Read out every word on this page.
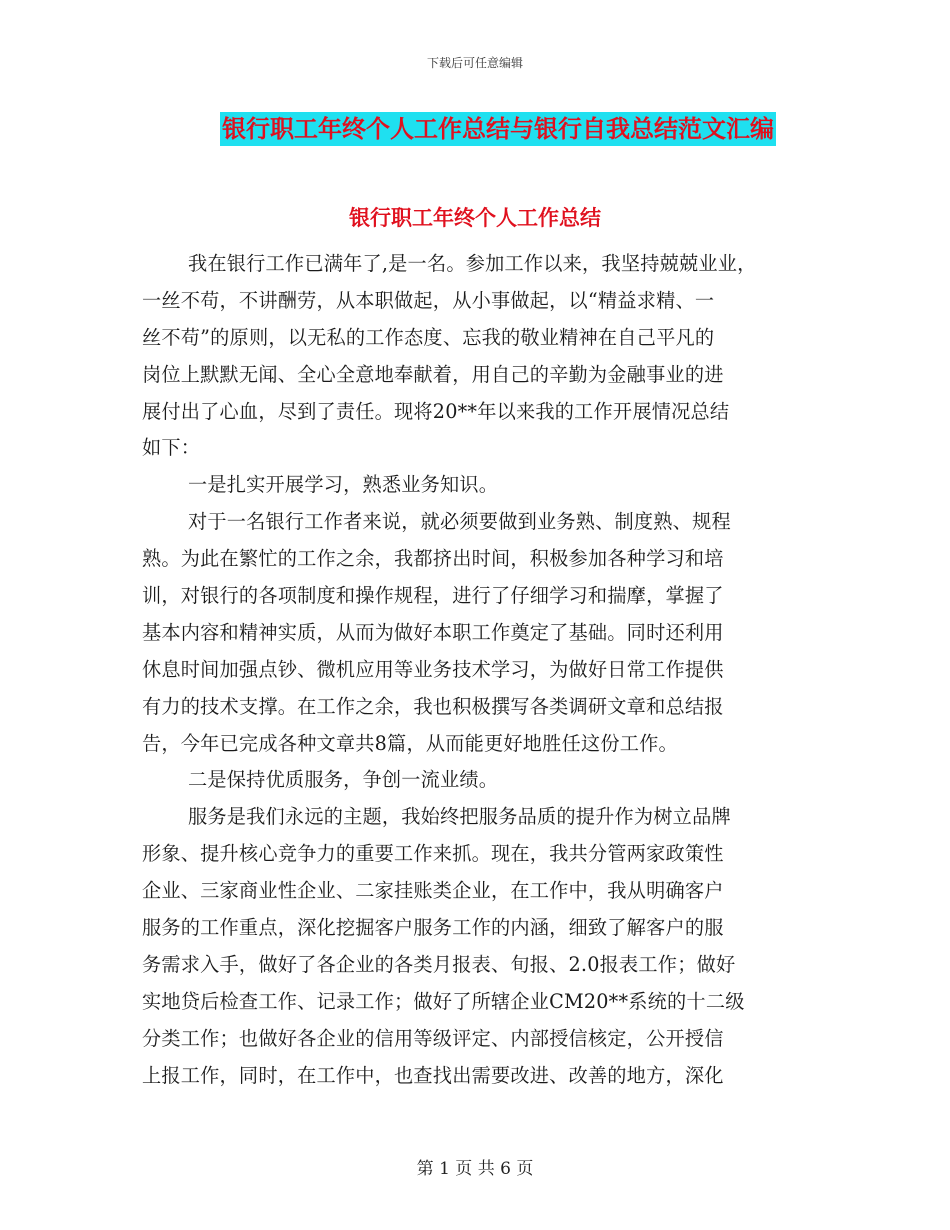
下载后可任意编辑
银行职工年终个人工作总结与银行自我总结范文汇编
银行职工年终个人工作总结
我在银行工作已满年了,是一名。参加工作以来，我坚持兢兢业业，
一丝不苟，不讲酬劳，从本职做起，从小事做起，以“精益求精、一
丝不苟”的原则，以无私的工作态度、忘我的敬业精神在自己平凡的
岗位上默默无闻、全心全意地奉献着，用自己的辛勤为金融事业的进
展付出了心血，尽到了责任。现将20**年以来我的工作开展情况总结
如下：
一是扎实开展学习，熟悉业务知识。
对于一名银行工作者来说，就必须要做到业务熟、制度熟、规程
熟。为此在繁忙的工作之余，我都挤出时间，积极参加各种学习和培
训，对银行的各项制度和操作规程，进行了仔细学习和揣摩，掌握了
基本内容和精神实质，从而为做好本职工作奠定了基础。同时还利用
休息时间加强点钞、微机应用等业务技术学习，为做好日常工作提供
有力的技术支撑。在工作之余，我也积极撰写各类调研文章和总结报
告，今年已完成各种文章共8篇，从而能更好地胜任这份工作。
二是保持优质服务，争创一流业绩。
服务是我们永远的主题，我始终把服务品质的提升作为树立品牌
形象、提升核心竞争力的重要工作来抓。现在，我共分管两家政策性
企业、三家商业性企业、二家挂账类企业，在工作中，我从明确客户
服务的工作重点，深化挖掘客户服务工作的内涵，细致了解客户的服
务需求入手，做好了各企业的各类月报表、旬报、2.0报表工作；做好
实地贷后检查工作、记录工作；做好了所辖企业CM20**系统的十二级
分类工作；也做好各企业的信用等级评定、内部授信核定，公开授信
上报工作，同时，在工作中，也查找出需要改进、改善的地方，深化
第 1 页 共 6 页
